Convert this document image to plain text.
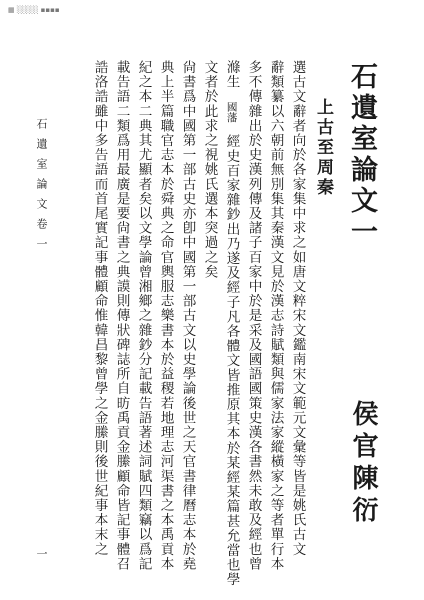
▦ ░░░░ ▪▪▪▪
石遺室論文一
侯官陳衍
上古至周秦
選古文辭者向於各家集中求之如唐文粹宋文鑑南宋文範元文彙等皆是姚氏古文
辭類纂以六朝前無別集其秦漢文見於漢志詩賦類與儒家法家縱橫家之等者單行本
多不傳雜出於史漢列傳及諸子百家中於是采及國語國策史漢各書然未敢及經也曾
滌生 國藩 經史百家雜鈔出乃遂及經子凡各體文皆推原其本於某經某篇甚允當也學
文者於此求之視姚氏選本突過之矣
尙書爲中國第一部古史亦卽中國第一部古文以史學論後世之天官書律曆志本於堯
典上半篇職官志本於舜典之命官輿服志樂書本於益稷若地理志河渠書之本禹貢本
紀之本二典其尤顯者矣以文學論曾湘鄉之雜鈔分記載告語著述詞賦四類竊以爲記
載告語二類爲用最廣是要尙書之典謨則傳狀碑誌所自昉禹貢金縢顧命皆記事體召
誥洛誥雖中多告語而首尾實記事體顧命惟韓昌黎曾學之金縢則後世紀事本末之
石遺室論文卷一
一
